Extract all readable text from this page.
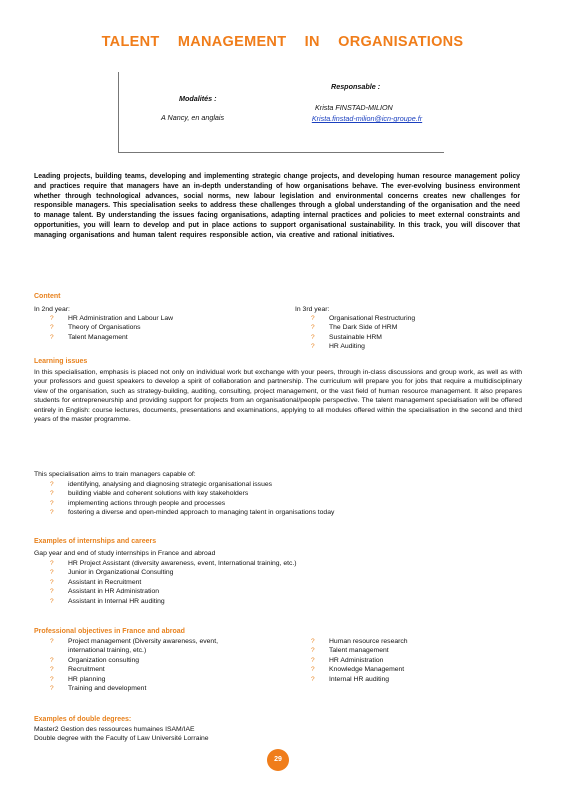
TALENT MANAGEMENT IN ORGANISATIONS
Responsable :
Modalités :
Krista FINSTAD-MILION
A Nancy, en anglais	Krista.finstad-milion@icn-groupe.fr
Leading projects, building teams, developing and implementing strategic change projects, and developing human resource management policy and practices require that managers have an in-depth understanding of how organisations behave. The ever-evolving business environment whether through technological advances, social norms, new labour legislation and environmental concerns creates new challenges for responsible managers. This specialisation seeks to address these challenges through a global understanding of the organisation and the need to manage talent. By understanding the issues facing organisations, adapting internal practices and policies to meet external constraints and opportunities, you will learn to develop and put in place actions to support organisational sustainability. In this track, you will discover that managing organisations and human talent requires responsible action, via creative and rational initiatives.
Content
In 2nd year:
? HR Administration and Labour Law
? Theory of Organisations
? Talent Management
In 3rd year:
? Organisational Restructuring
? The Dark Side of HRM
? Sustainable HRM
? HR Auditing
Learning issues
In this specialisation, emphasis is placed not only on individual work but exchange with your peers, through in-class discussions and group work, as well as with your professors and guest speakers to develop a spirit of collaboration and partnership. The curriculum will prepare you for jobs that require a multidisciplinary view of the organisation, such as strategy-building, auditing, consulting, project management, or the vast field of human resource management. It also prepares students for entrepreneurship and providing support for projects from an organisational/people perspective. The talent management specialisation will be offered entirely in English: course lectures, documents, presentations and examinations, applying to all modules offered within the specialisation in the second and third years of the master programme.
This specialisation aims to train managers capable of:
? identifying, analysing and diagnosing strategic organisational issues
? building viable and coherent solutions with key stakeholders
? implementing actions through people and processes
? fostering a diverse and open-minded approach to managing talent in organisations today
Examples of internships and careers
Gap year and end of study internships in France and abroad
? HR Project Assistant (diversity awareness, event, International training, etc.)
? Junior in Organizational Consulting
? Assistant in Recruitment
? Assistant in HR Administration
? Assistant in Internal HR auditing
Professional objectives in France and abroad
? Project management (Diversity awareness, event, international training, etc.)
? Organization consulting
? Recruitment
? HR planning
? Training and development
? Human resource research
? Talent management
? HR Administration
? Knowledge Management
? Internal HR auditing
Examples of double degrees:
Master2 Gestion des ressources humaines ISAM/IAE
Double degree with the Faculty of Law Université Lorraine
29
